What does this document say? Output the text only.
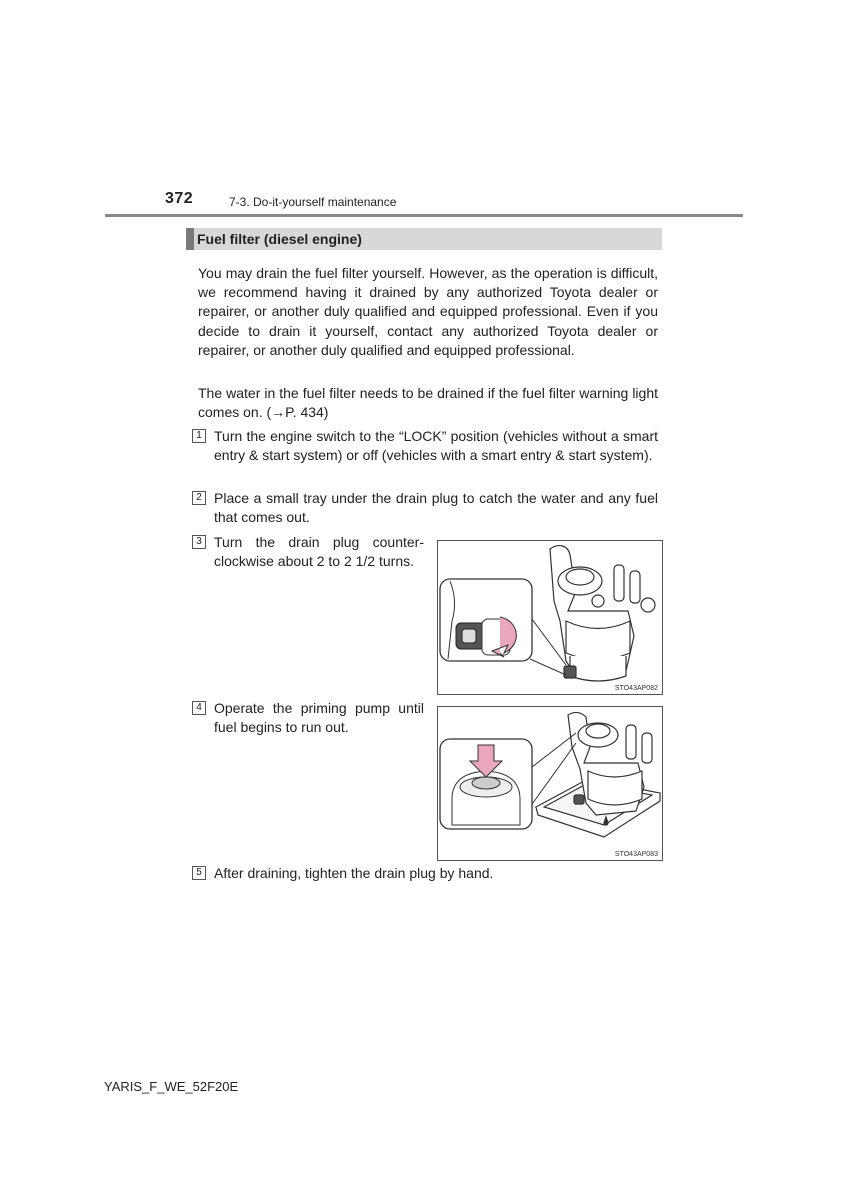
372	7-3. Do-it-yourself maintenance
Fuel filter (diesel engine)

You may drain the fuel filter yourself. However, as the operation is difficult, we recommend having it drained by any authorized Toyota dealer or repairer, or another duly qualified and equipped professional. Even if you decide to drain it yourself, contact any authorized Toyota dealer or repairer, or another duly qualified and equipped professional.

The water in the fuel filter needs to be drained if the fuel filter warning light comes on. (→P. 434)

1 Turn the engine switch to the “LOCK” position (vehicles without a smart entry & start system) or off (vehicles with a smart entry & start system).

2 Place a small tray under the drain plug to catch the water and any fuel that comes out.

3 Turn the drain plug counter-clockwise about 2 to 2 1/2 turns.

STO43AP082
4 Operate the priming pump until fuel begins to run out.

STO43AP083
5 After draining, tighten the drain plug by hand.

YARIS_F_WE_52F20E
